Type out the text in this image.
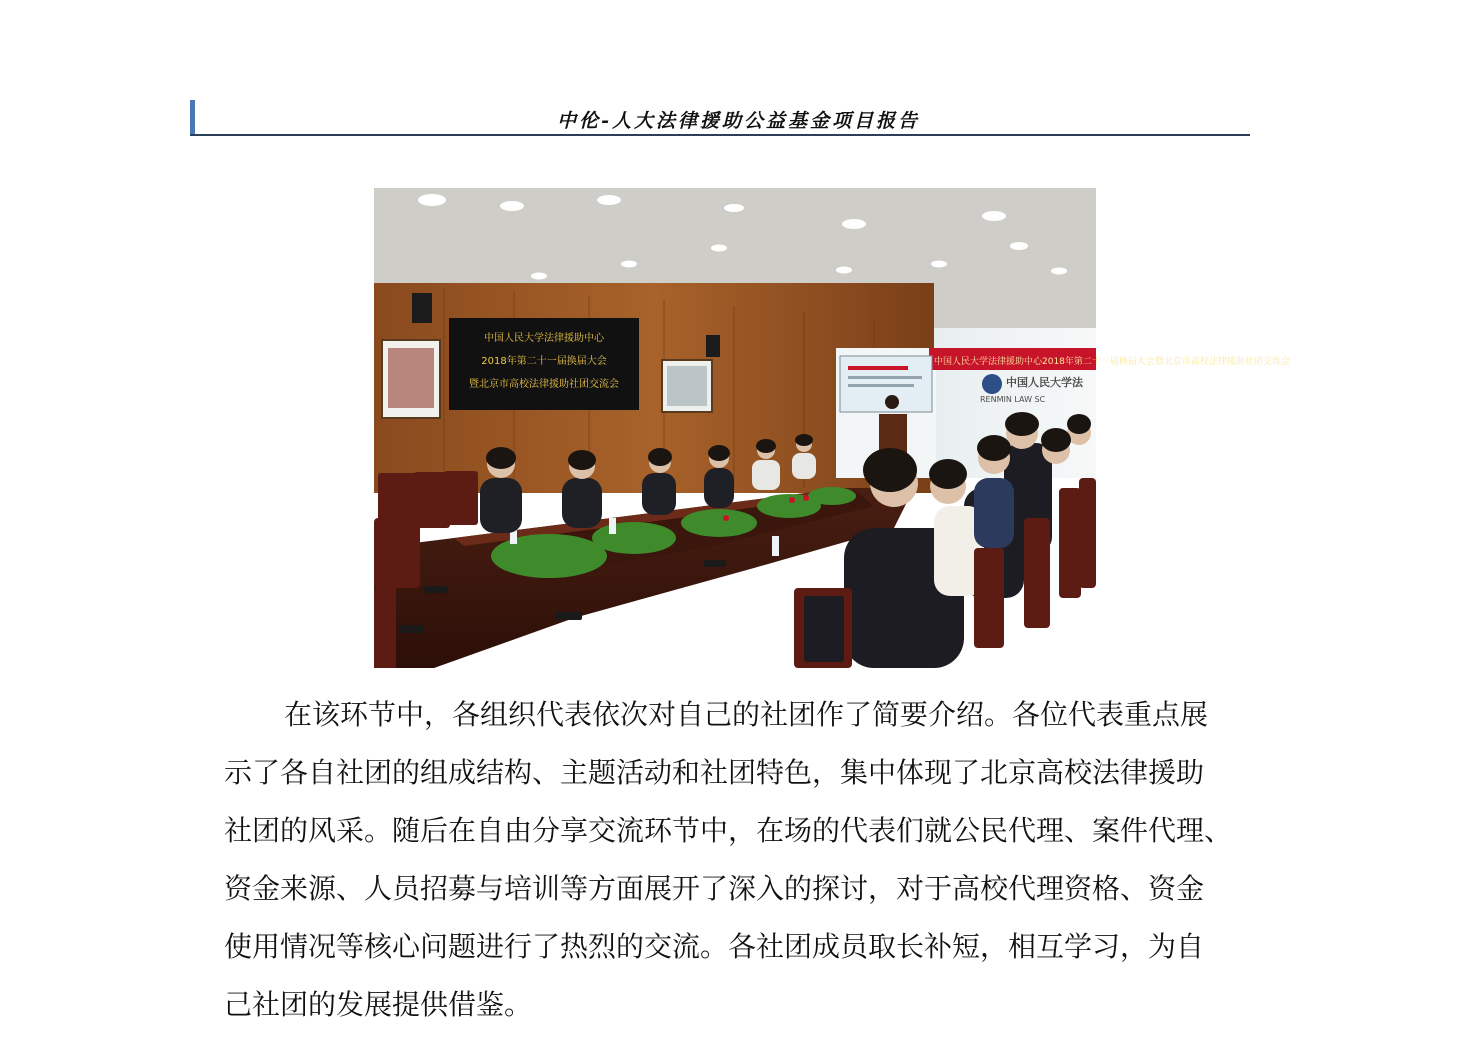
中伦-人大法律援助公益基金项目报告
中国人民大学法律援助中心
2018年第二十一届换届大会
暨北京市高校法律援助社团交流会
中国人民大学法律援助中心2018年第二十一届换届大会暨北京市高校法律援助社团交流会
中国人民大学法
RENMIN LAW SC
在该环节中，各组织代表依次对自己的社团作了简要介绍。各位代表重点展
示了各自社团的组成结构、主题活动和社团特色，集中体现了北京高校法律援助
社团的风采。随后在自由分享交流环节中，在场的代表们就公民代理、案件代理、
资金来源、人员招募与培训等方面展开了深入的探讨，对于高校代理资格、资金
使用情况等核心问题进行了热烈的交流。各社团成员取长补短，相互学习，为自
己社团的发展提供借鉴。
